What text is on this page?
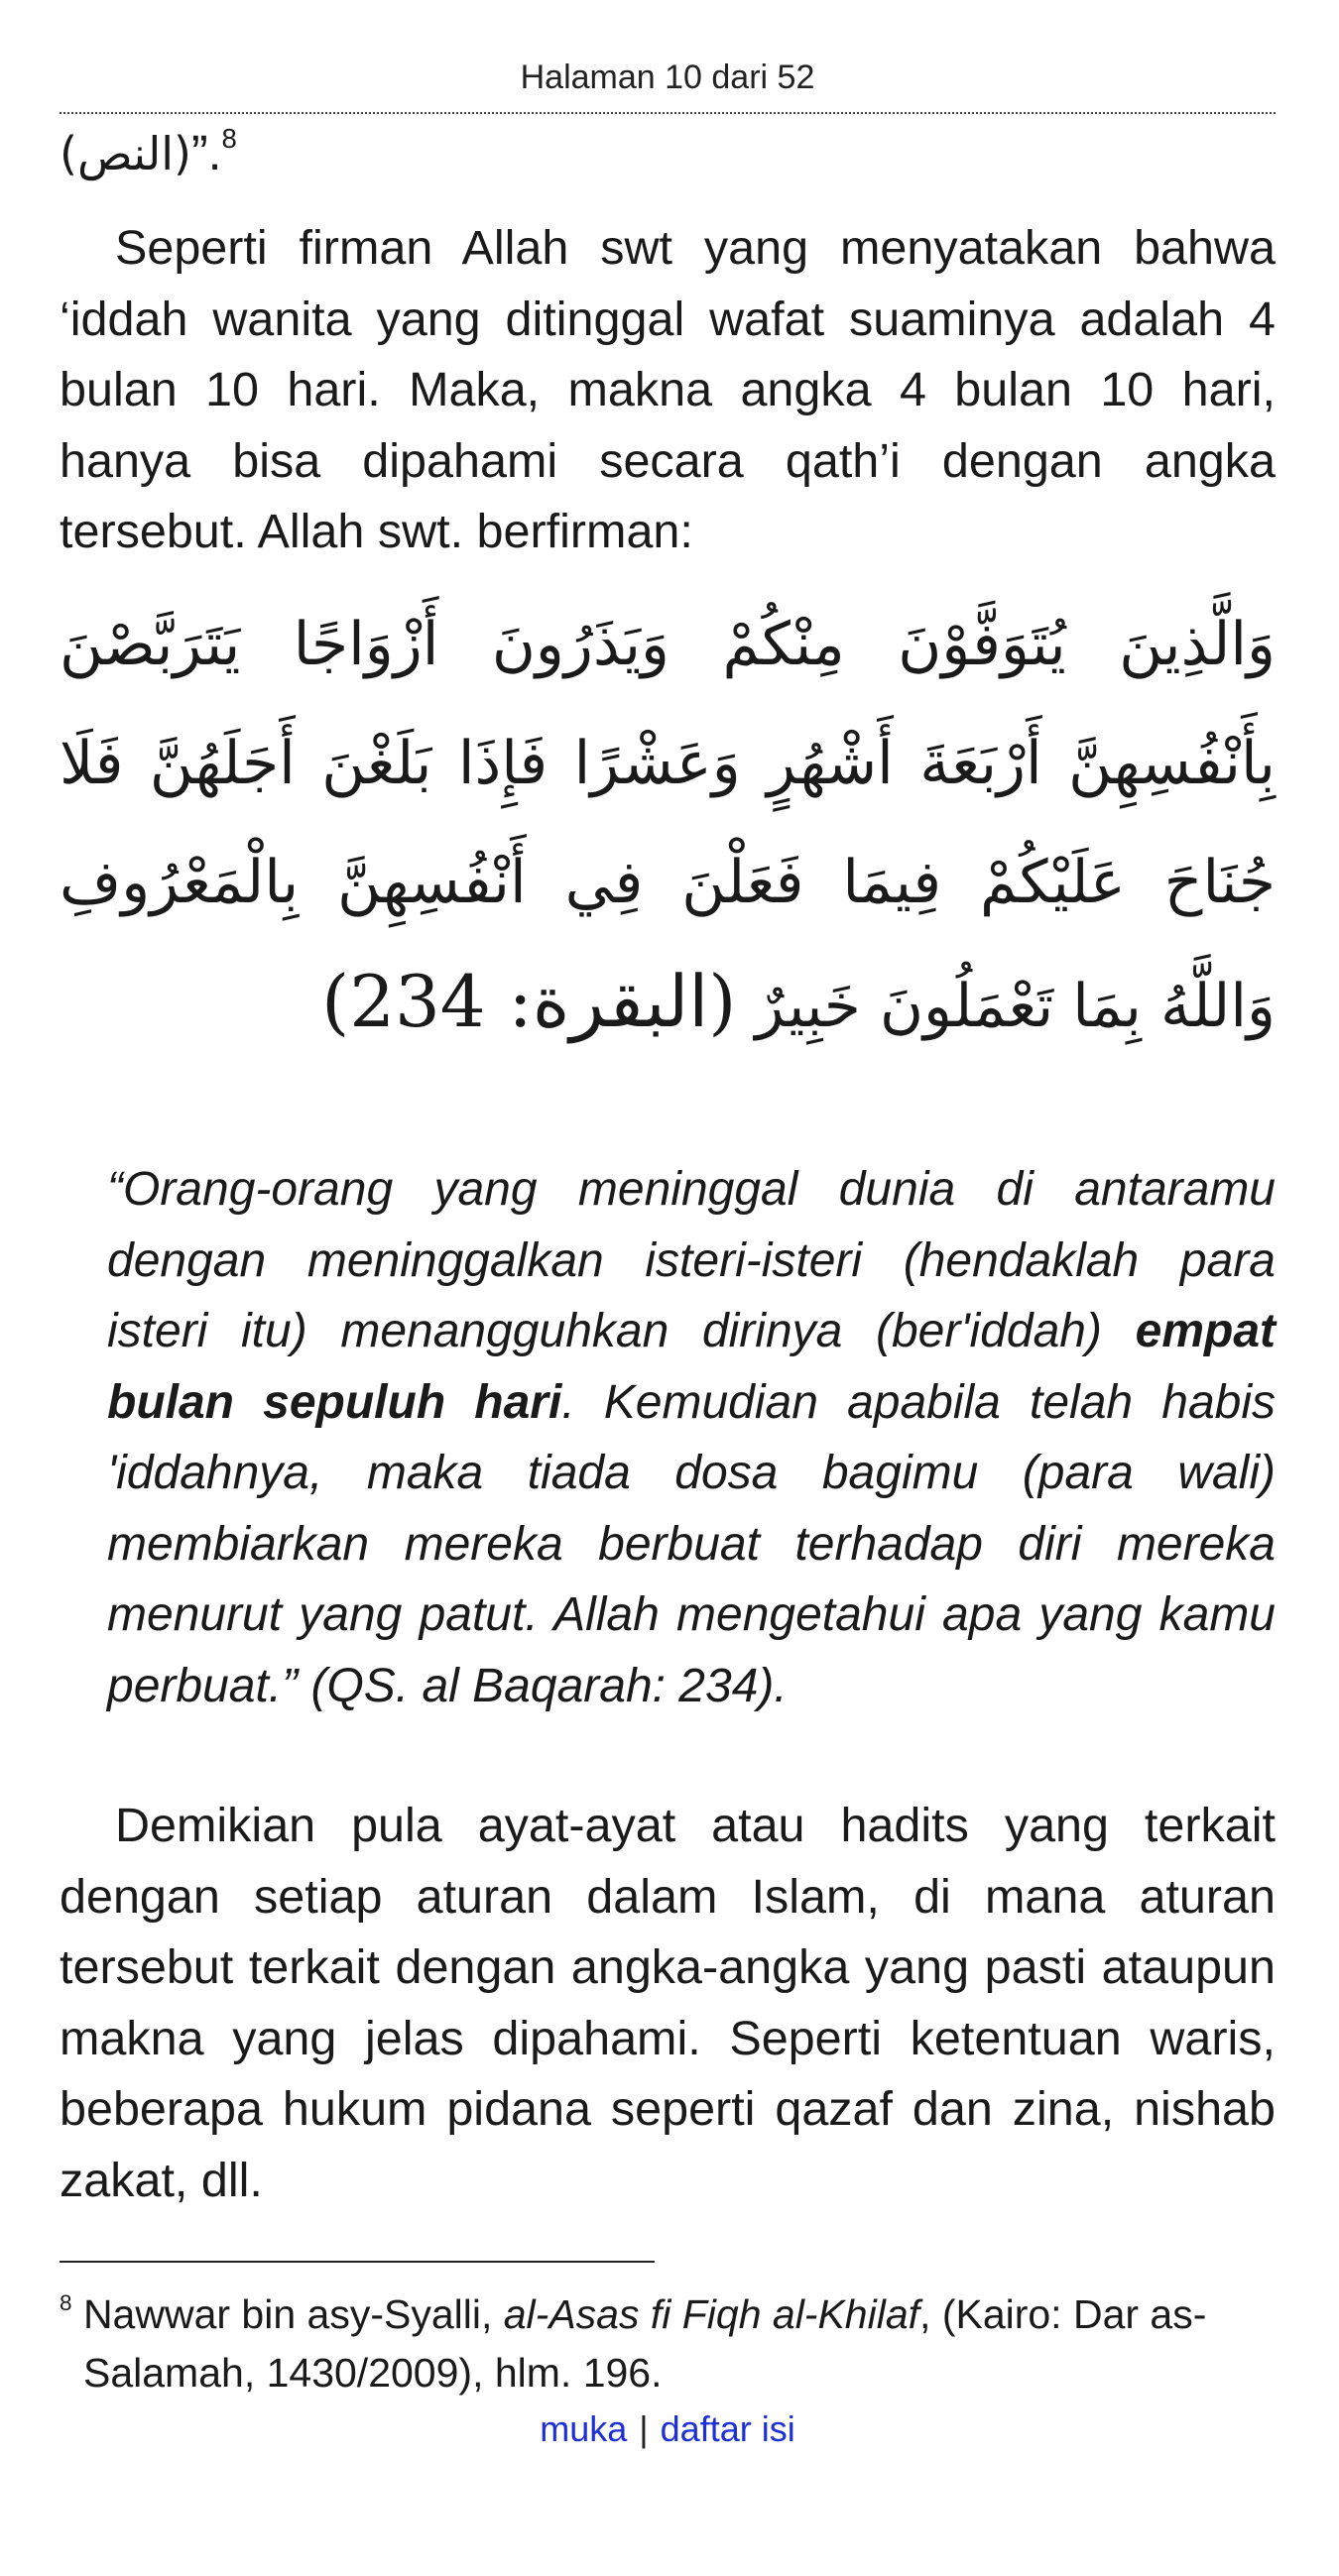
Halaman 10 dari 52
(النص)”.$^8$
Seperti firman Allah swt yang menyatakan bahwa ‘iddah wanita yang ditinggal wafat suaminya adalah 4 bulan 10 hari. Maka, makna angka 4 bulan 10 hari, hanya bisa dipahami secara qath’i dengan angka tersebut. Allah swt. berfirman:
وَالَّذِينَ يُتَوَفَّوْنَ مِنْكُمْ وَيَذَرُونَ أَزْوَاجًا يَتَرَبَّصْنَ بِأَنْفُسِهِنَّ أَرْبَعَةَ أَشْهُرٍ وَعَشْرًا فَإِذَا بَلَغْنَ أَجَلَهُنَّ فَلَا جُنَاحَ عَلَيْكُمْ فِيمَا فَعَلْنَ فِي أَنْفُسِهِنَّ بِالْمَعْرُوفِ وَاللَّهُ بِمَا تَعْمَلُونَ خَبِيرٌ (البقرة: 234)
“Orang-orang yang meninggal dunia di antaramu dengan meninggalkan isteri-isteri (hendaklah para isteri itu) menangguhkan dirinya (ber'iddah) empat bulan sepuluh hari. Kemudian apabila telah habis 'iddahnya, maka tiada dosa bagimu (para wali) membiarkan mereka berbuat terhadap diri mereka menurut yang patut. Allah mengetahui apa yang kamu perbuat.” (QS. al Baqarah: 234).
Demikian pula ayat-ayat atau hadits yang terkait dengan setiap aturan dalam Islam, di mana aturan tersebut terkait dengan angka-angka yang pasti ataupun makna yang jelas dipahami. Seperti ketentuan waris, beberapa hukum pidana seperti qazaf dan zina, nishab zakat, dll.
$^8$ Nawwar bin asy-Syalli, al-Asas fi Fiqh al-Khilaf, (Kairo: Dar as-Salamah, 1430/2009), hlm. 196.
muka | daftar isi
